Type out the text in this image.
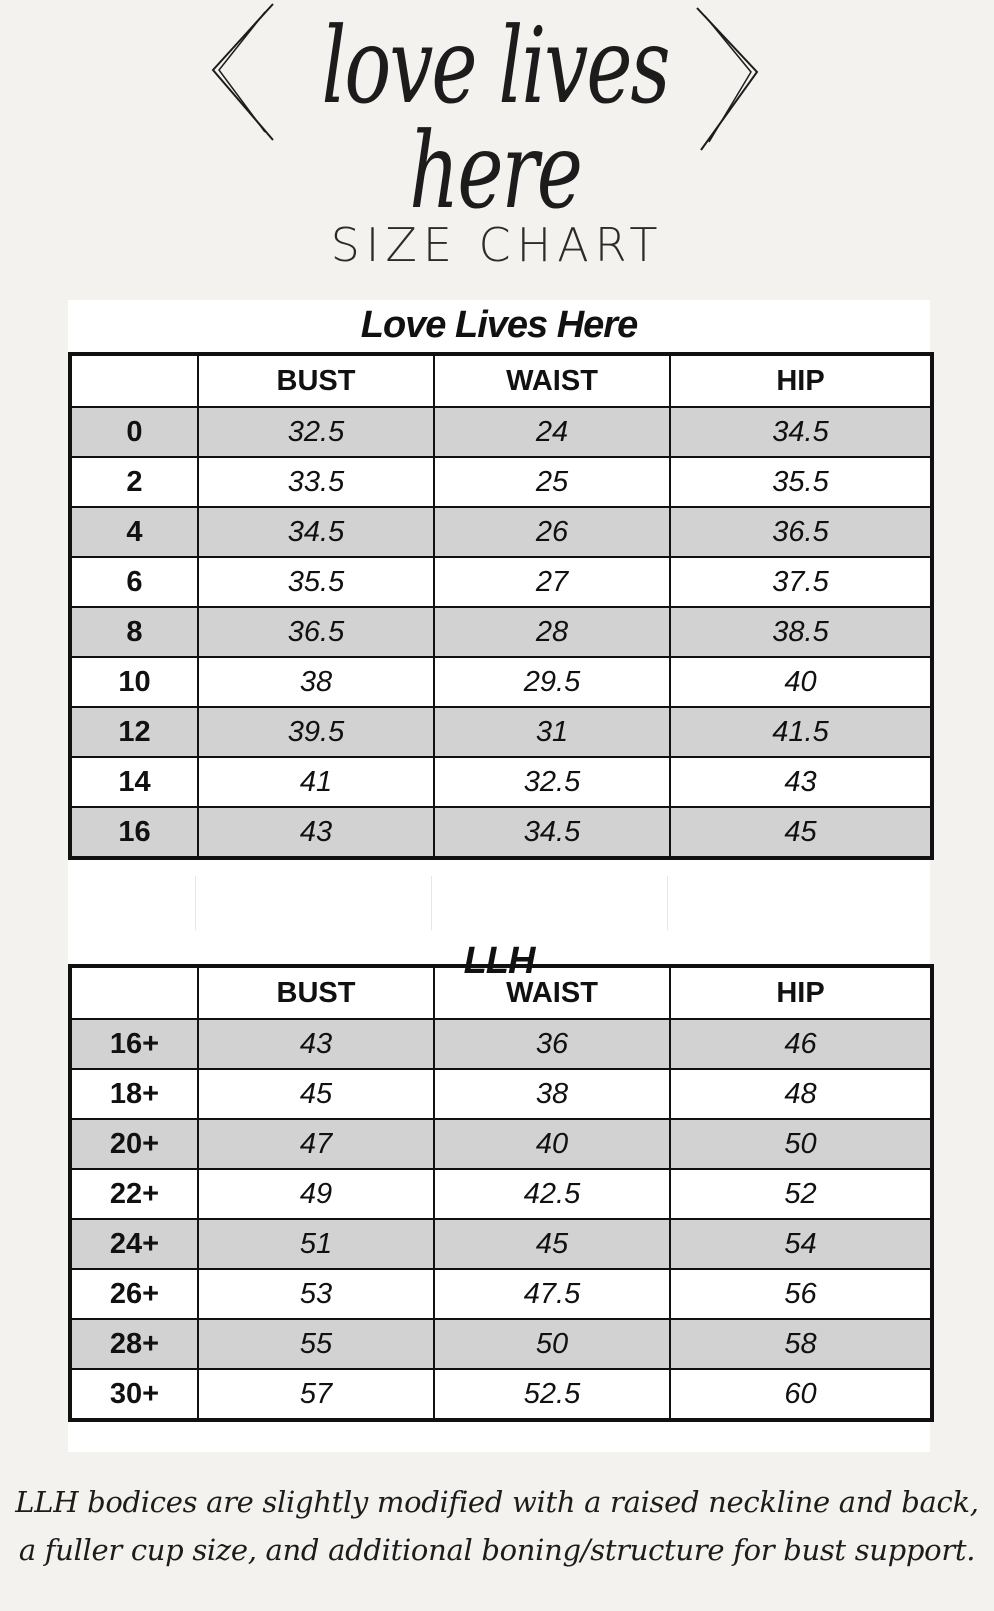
love lives here
SIZE CHART
Love Lives Here
LLH
	BUST	WAIST	HIP
0	32.5	24	34.5
2	33.5	25	35.5
4	34.5	26	36.5
6	35.5	27	37.5
8	36.5	28	38.5
10	38	29.5	40
12	39.5	31	41.5
14	41	32.5	43
16	43	34.5	45
	BUST	WAIST	HIP
16+	43	36	46
18+	45	38	48
20+	47	40	50
22+	49	42.5	52
24+	51	45	54
26+	53	47.5	56
28+	55	50	58
30+	57	52.5	60

LLH bodices are slightly modified with a raised neckline and back,

a fuller cup size, and additional boning/structure for bust support.
